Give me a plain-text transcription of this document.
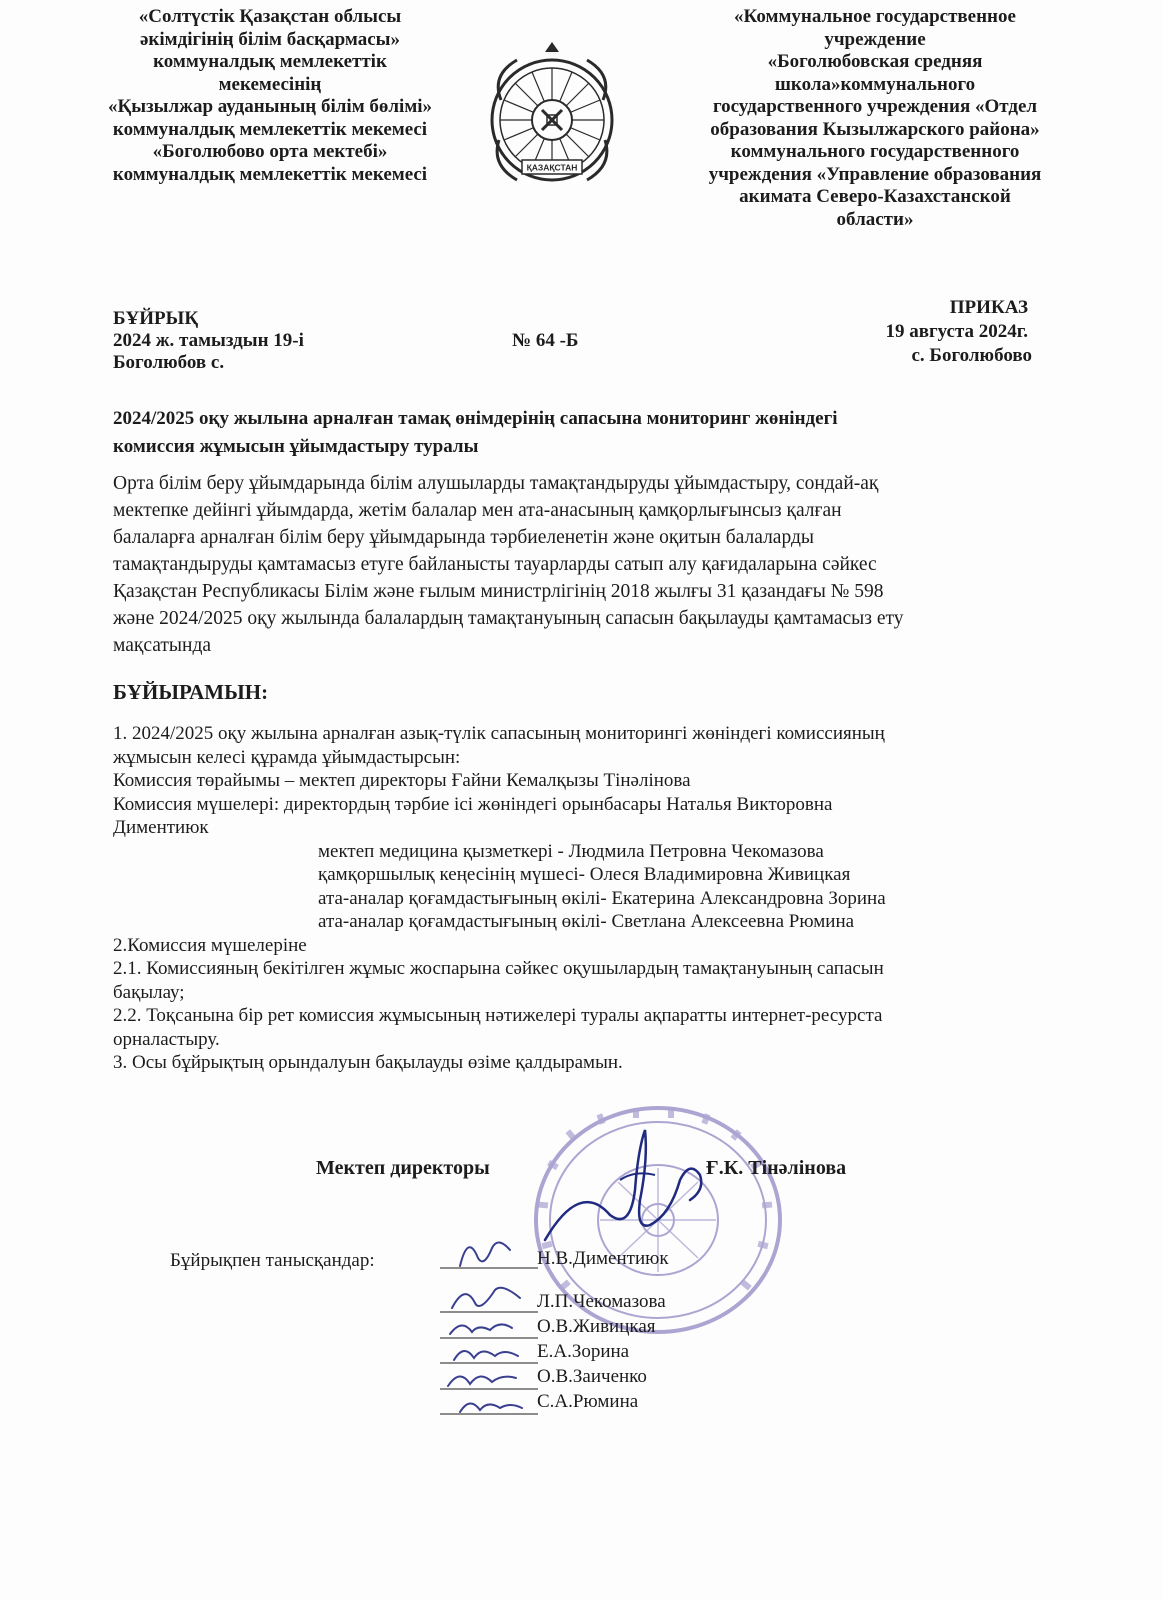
«Солтүстік Қазақстан облысы
әкімдігінің білім басқармасы»
коммуналдық мемлекеттік
мекемесінің
«Қызылжар ауданының білім бөлімі»
коммуналдық мемлекеттік мекемесі
«Боголюбово орта мектебі»
коммуналдық мемлекеттік мекемесі	ҚАЗАҚСТАН
«Коммунальное государственное
учреждение
«Боголюбовская средняя
школа»коммунального
государственного учреждения «Отдел
образования Кызылжарского района»
коммунального государственного
учреждения «Управление образования
акимата Северо-Казахстанской
области»
БҰЙРЫҚ
2024 ж. тамыздын 19-і
Боголюбов с.
№ 64 -Б
ПРИКАЗ
19 августа 2024г.
с. Боголюбово
2024/2025 оқу жылына арналған тамақ өнімдерінің сапасына мониторинг жөніндегі
комиссия жұмысын ұйымдастыру туралы
Орта білім беру ұйымдарында білім алушыларды тамақтандыруды ұйымдастыру, сондай-ақ
мектепке дейінгі ұйымдарда, жетім балалар мен ата-анасының қамқорлығынсыз қалған
балаларға арналған білім беру ұйымдарында тәрбиеленетін және оқитын балаларды
тамақтандыруды қамтамасыз етуге байланысты тауарларды сатып алу қағидаларына сәйкес
Қазақстан Республикасы Білім және ғылым министрлігінің 2018 жылғы 31 қазандағы № 598
және 2024/2025 оқу жылында балалардың тамақтануының сапасын бақылауды қамтамасыз ету
мақсатында
БҰЙЫРАМЫН:
1. 2024/2025 оқу жылына арналған азық-түлік сапасының мониторингі жөніндегі комиссияның
жұмысын келесі құрамда ұйымдастырсын:
Комиссия төрайымы – мектеп директоры Ғайни Кемалқызы Тінәлінова
Комиссия мүшелері: директордың тәрбие ісі жөніндегі орынбасары Наталья Викторовна
Диментиюк
мектеп медицина қызметкері - Людмила Петровна Чекомазова
қамқоршылық кеңесінің мүшесі- Олеся Владимировна Живицкая
ата-аналар қоғамдастығының өкілі- Екатерина Александровна Зорина
ата-аналар қоғамдастығының өкілі- Светлана Алексеевна Рюмина
2.Комиссия мүшелеріне
2.1. Комиссияның бекітілген жұмыс жоспарына сәйкес оқушылардың тамақтануының сапасын
бақылау;
2.2. Тоқсанына бір рет комиссия жұмысының нәтижелері туралы ақпаратты интернет-ресурста
орналастыру.
3. Осы бұйрықтың орындалуын бақылауды өзіме қалдырамын.
Мектеп директоры	Ғ.К. Тінәлінова
Бұйрықпен танысқандар:	Н.В.Диментиюк
Л.П.Чекомазова
О.В.Живицкая
Е.А.Зорина
О.В.Заиченко
С.А.Рюмина
